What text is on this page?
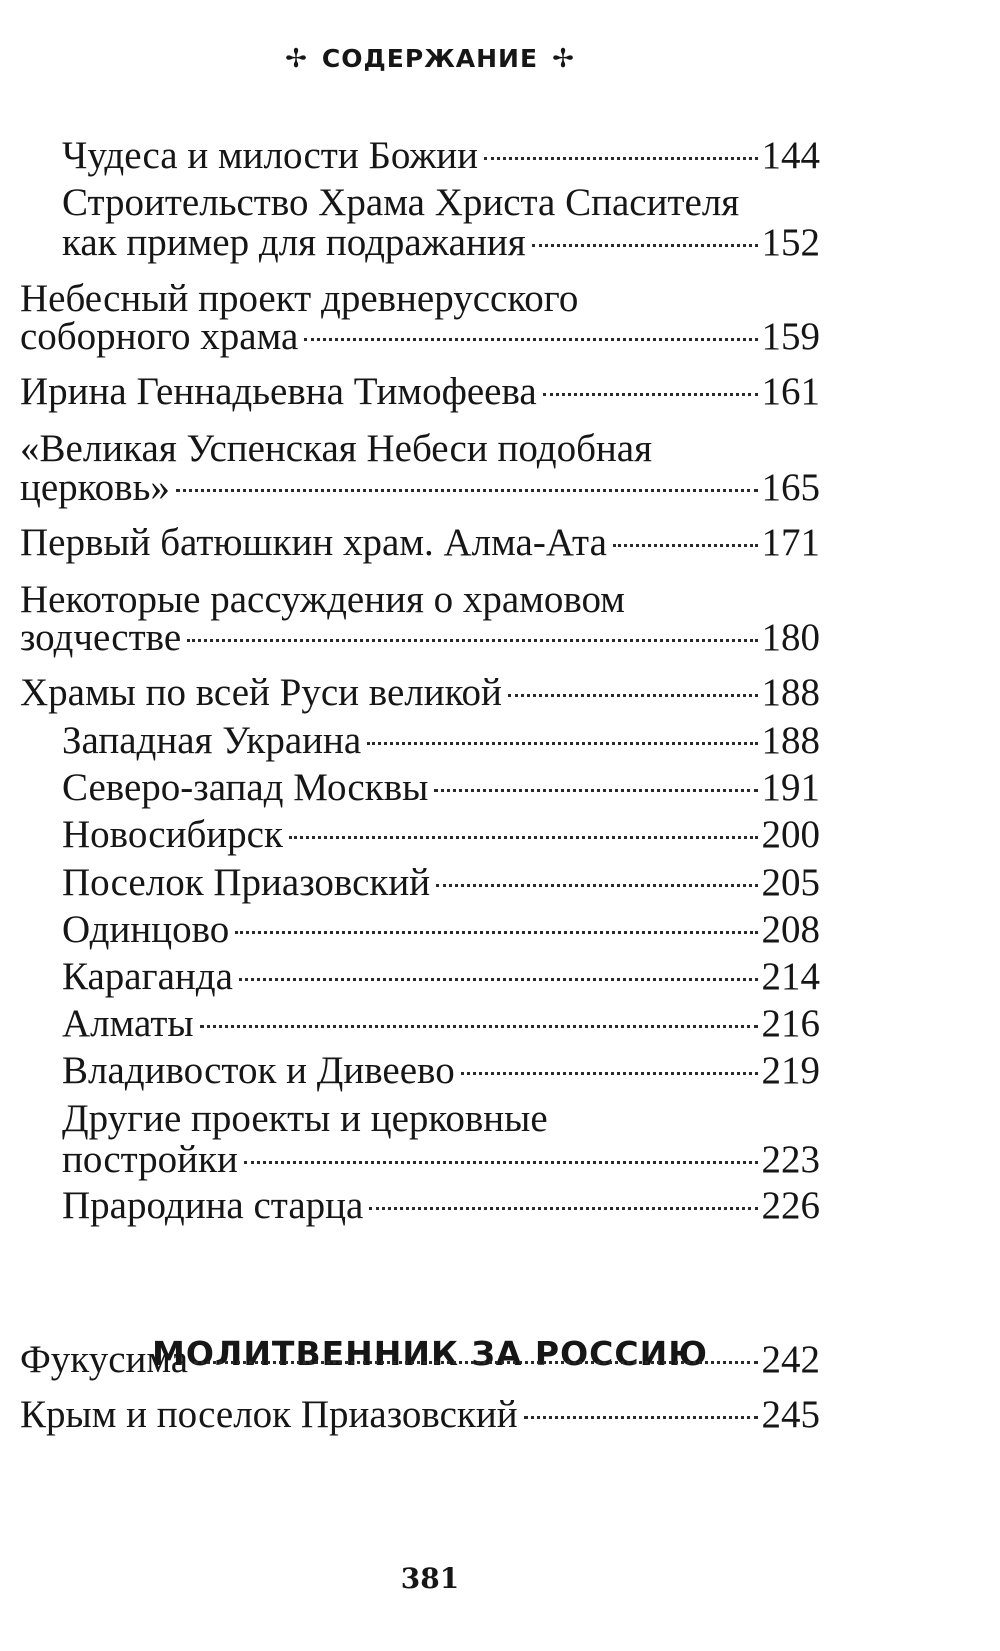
✢ СОДЕРЖАНИЕ ✢
Чудеса и милости Божии	144
Строительство Храма Христа Спасителя
как пример для подражания	152
Небесный проект древнерусского
соборного храма	159
Ирина Геннадьевна Тимофеева	161
«Великая Успенская Небеси подобная
церковь»	165
Первый батюшкин храм. Алма-Ата	171
Некоторые рассуждения о храмовом
зодчестве	180
Храмы по всей Руси великой	188
Западная Украина	188
Северо-запад Москвы	191
Новосибирск	200
Поселок Приазовский	205
Одинцово	208
Караганда	214
Алматы	216
Владивосток и Дивеево	219
Другие проекты и церковные
постройки	223
Прародина старца	226
МОЛИТВЕННИК ЗА РОССИЮ
Фукусима	242
Крым и поселок Приазовский	245
381
